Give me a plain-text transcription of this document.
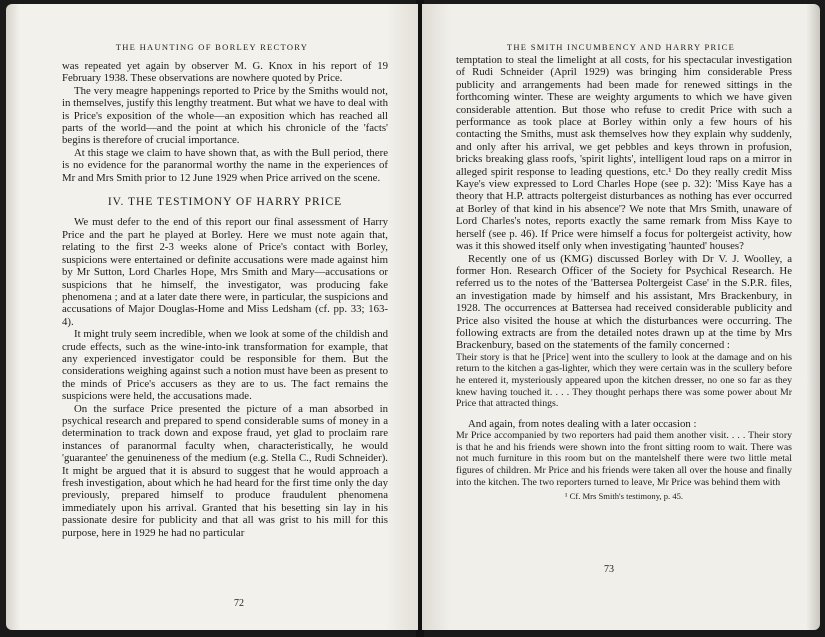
THE HAUNTING OF BORLEY RECTORY

was repeated yet again by observer M. G. Knox in his report of 19 February 1938. These observations are nowhere quoted by Price.

The very meagre happenings reported to Price by the Smiths would not, in themselves, justify this lengthy treatment. But what we have to deal with is Price's exposition of the whole—an exposition which has reached all parts of the world—and the point at which his chronicle of the 'facts' begins is therefore of crucial importance.

At this stage we claim to have shown that, as with the Bull period, there is no evidence for the paranormal worthy the name in the experiences of Mr and Mrs Smith prior to 12 June 1929 when Price arrived on the scene.

IV. THE TESTIMONY OF HARRY PRICE

We must defer to the end of this report our final assessment of Harry Price and the part he played at Borley. Here we must note again that, relating to the first 2-3 weeks alone of Price's contact with Borley, suspicions were entertained or definite accusations were made against him by Mr Sutton, Lord Charles Hope, Mrs Smith and Mary—accusations or suspicions that he himself, the investigator, was producing fake phenomena ; and at a later date there were, in particular, the suspicions and accusations of Major Douglas-Home and Miss Ledsham (cf. pp. 33; 163-4).

It might truly seem incredible, when we look at some of the childish and crude effects, such as the wine-into-ink transformation for example, that any experienced investigator could be responsible for them. But the considerations weighing against such a notion must have been as present to the minds of Price's accusers as they are to us. The fact remains the suspicions were held, the accusations made.

On the surface Price presented the picture of a man absorbed in psychical research and prepared to spend considerable sums of money in a determination to track down and expose fraud, yet glad to proclaim rare instances of paranormal faculty when, characteristically, he would 'guarantee' the genuineness of the medium (e.g. Stella C., Rudi Schneider). It might be argued that it is absurd to suggest that he would approach a fresh investigation, about which he had heard for the first time only the day previously, prepared himself to produce fraudulent phenomena immediately upon his arrival. Granted that his besetting sin lay in his passionate desire for publicity and that all was grist to his mill for this purpose, here in 1929 he had no particular

72
THE SMITH INCUMBENCY AND HARRY PRICE

temptation to steal the limelight at all costs, for his spectacular investigation of Rudi Schneider (April 1929) was bringing him considerable Press publicity and arrangements had been made for renewed sittings in the forthcoming winter. These are weighty arguments to which we have given considerable attention. But those who refuse to credit Price with such a performance as took place at Borley within only a few hours of his contacting the Smiths, must ask themselves how they explain why suddenly, and only after his arrival, we get pebbles and keys thrown in profusion, bricks breaking glass roofs, 'spirit lights', intelligent loud raps on a mirror in alleged spirit response to leading questions, etc.¹ Do they really credit Miss Kaye's view expressed to Lord Charles Hope (see p. 32): 'Miss Kaye has a theory that H.P. attracts poltergeist disturbances as nothing has ever occurred at Borley of that kind in his absence'? We note that Mrs Smith, unaware of Lord Charles's notes, reports exactly the same remark from Miss Kaye to herself (see p. 46). If Price were himself a focus for poltergeist activity, how was it this showed itself only when investigating 'haunted' houses?

Recently one of us (KMG) discussed Borley with Dr V. J. Woolley, a former Hon. Research Officer of the Society for Psychical Research. He referred us to the notes of the 'Battersea Poltergeist Case' in the S.P.R. files, an investigation made by himself and his assistant, Mrs Brackenbury, in 1928. The occurrences at Battersea had received considerable publicity and Price also visited the house at which the disturbances were occurring. The following extracts are from the detailed notes drawn up at the time by Mrs Brackenbury, based on the statements of the family concerned :

Their story is that he [Price] went into the scullery to look at the damage and on his return to the kitchen a gas-lighter, which they were certain was in the scullery before he entered it, mysteriously appeared upon the kitchen dresser, no one so far as they knew having touched it. . . . They thought perhaps there was some power about Mr Price that attracted things.

And again, from notes dealing with a later occasion :

Mr Price accompanied by two reporters had paid them another visit. . . . Their story is that he and his friends were shown into the front sitting room to wait. There was not much furniture in this room but on the mantelshelf there were two little metal figures of children. Mr Price and his friends were taken all over the house and finally into the kitchen. The two reporters turned to leave, Mr Price was behind them with

¹ Cf. Mrs Smith's testimony, p. 45.
73
